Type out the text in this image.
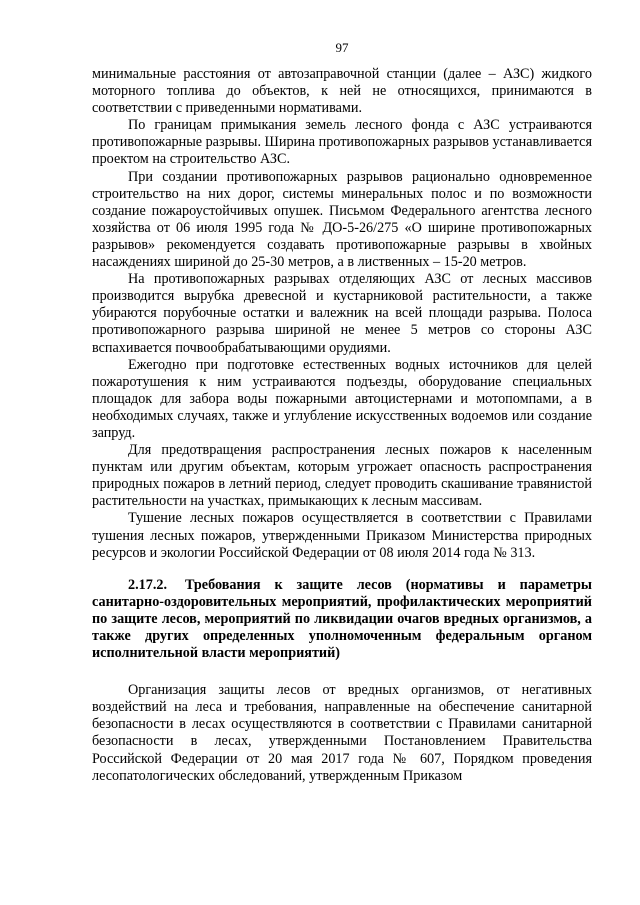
97

минимальные расстояния от автозаправочной станции (далее – АЗС) жидкого моторного топлива до объектов, к ней не относящихся, принимаются в соответствии с приведенными нормативами.

По границам примыкания земель лесного фонда с АЗС устраиваются противопожарные разрывы. Ширина противопожарных разрывов устанавливается проектом на строительство АЗС.

При создании противопожарных разрывов рационально одновременное строительство на них дорог, системы минеральных полос и по возможности создание пожароустойчивых опушек. Письмом Федерального агентства лесного хозяйства от 06 июля 1995 года № ДО-5-26/275 «О ширине противопожарных разрывов» рекомендуется создавать противопожарные разрывы в хвойных насаждениях шириной до 25-30 метров, а в лиственных – 15-20 метров.

На противопожарных разрывах отделяющих АЗС от лесных массивов производится вырубка древесной и кустарниковой растительности, а также убираются порубочные остатки и валежник на всей площади разрыва. Полоса противопожарного разрыва шириной не менее 5 метров со стороны АЗС вспахивается почвообрабатывающими орудиями.

Ежегодно при подготовке естественных водных источников для целей пожаротушения к ним устраиваются подъезды, оборудование специальных площадок для забора воды пожарными автоцистернами и мотопомпами, а в необходимых случаях, также и углубление искусственных водоемов или создание запруд.

Для предотвращения распространения лесных пожаров к населенным пунктам или другим объектам, которым угрожает опасность распространения природных пожаров в летний период, следует проводить скашивание травянистой растительности на участках, примыкающих к лесным массивам.

Тушение лесных пожаров осуществляется в соответствии с Правилами тушения лесных пожаров, утвержденными Приказом Министерства природных ресурсов и экологии Российской Федерации от 08 июля 2014 года № 313.

2.17.2. Требования к защите лесов (нормативы и параметры санитарно-оздоровительных мероприятий, профилактических мероприятий по защите лесов, мероприятий по ликвидации очагов вредных организмов, а также других определенных уполномоченным федеральным органом исполнительной власти мероприятий)

Организация защиты лесов от вредных организмов, от негативных воздействий на леса и требования, направленные на обеспечение санитарной безопасности в лесах осуществляются в соответствии с Правилами санитарной безопасности в лесах, утвержденными Постановлением Правительства Российской Федерации от 20 мая 2017 года № 607, Порядком проведения лесопатологических обследований, утвержденным Приказом
